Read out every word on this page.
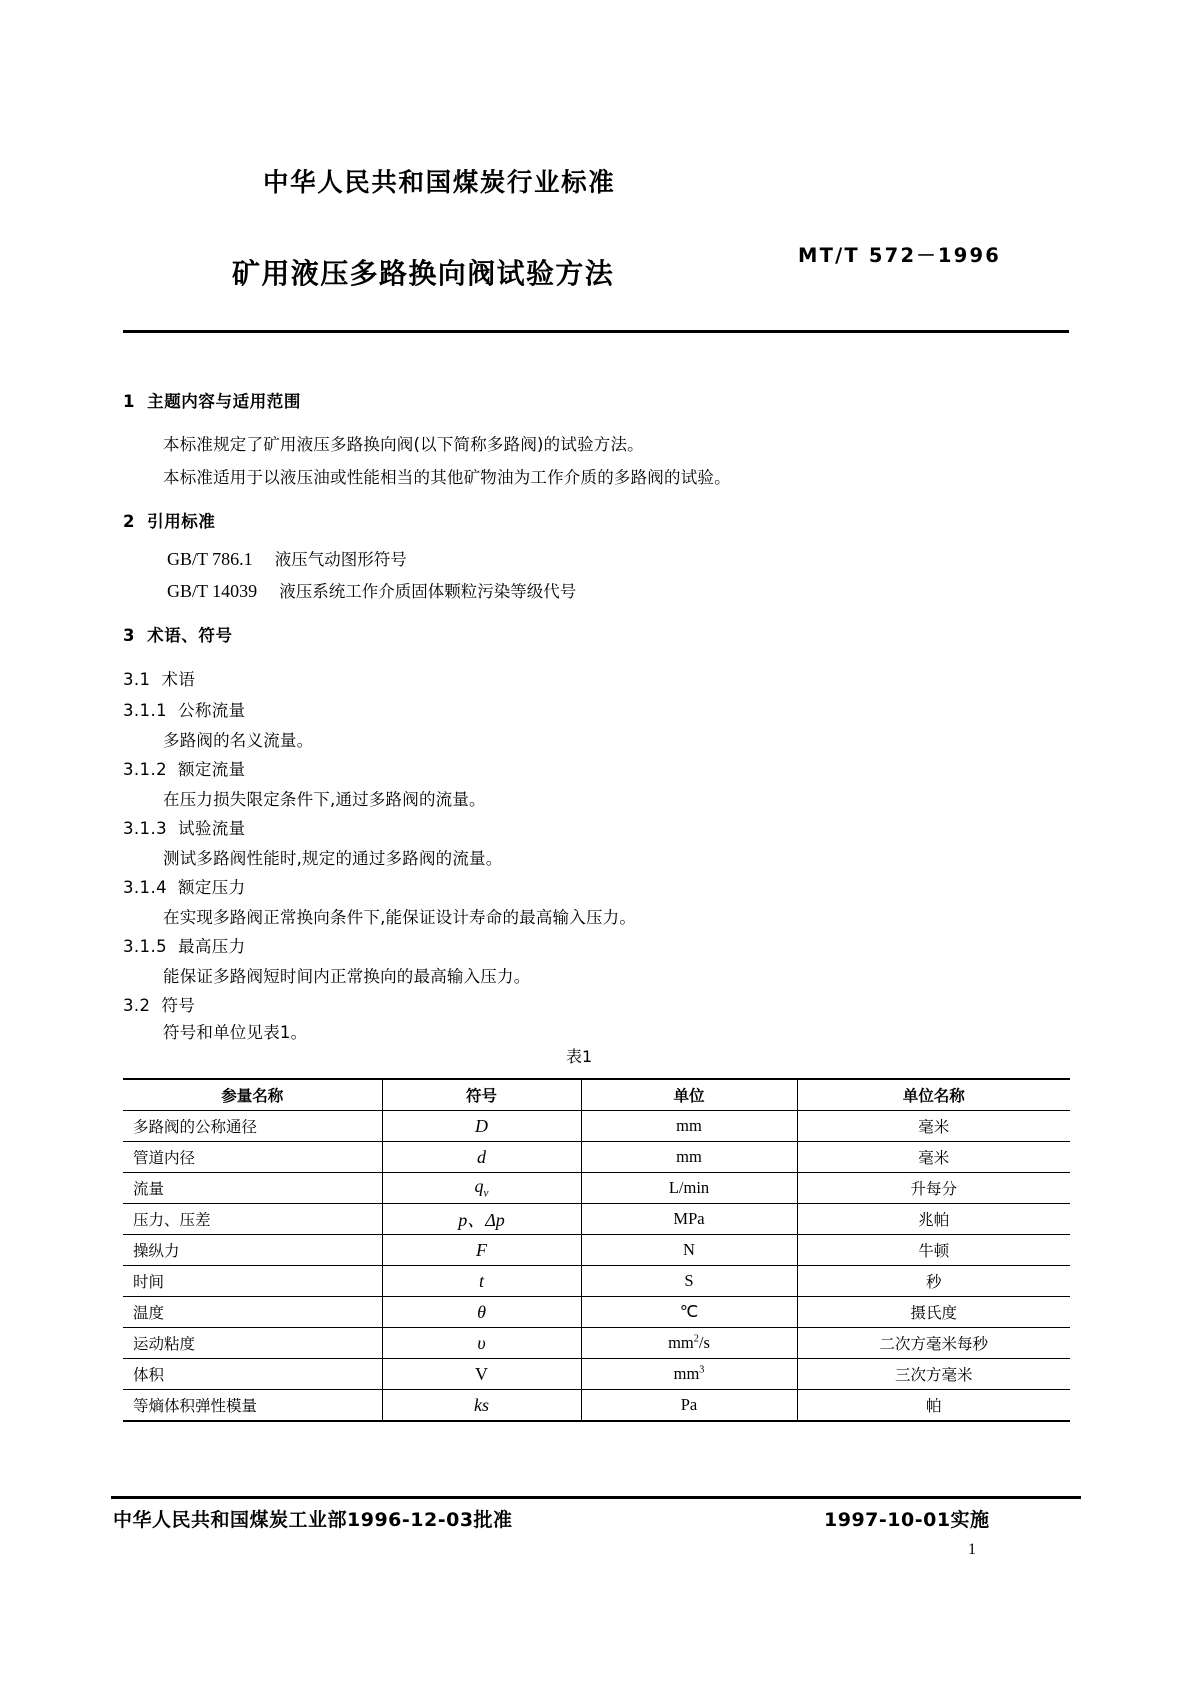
中华人民共和国煤炭行业标准
矿用液压多路换向阀试验方法
MT/T 572－1996
1 主题内容与适用范围
本标准规定了矿用液压多路换向阀(以下简称多路阀)的试验方法。
本标准适用于以液压油或性能相当的其他矿物油为工作介质的多路阀的试验。
2 引用标准
GB/T 786.1 液压气动图形符号
GB/T 14039 液压系统工作介质固体颗粒污染等级代号
3 术语、符号
3.1 术语
3.1.1 公称流量
多路阀的名义流量。
3.1.2 额定流量
在压力损失限定条件下,通过多路阀的流量。
3.1.3 试验流量
测试多路阀性能时,规定的通过多路阀的流量。
3.1.4 额定压力
在实现多路阀正常换向条件下,能保证设计寿命的最高输入压力。
3.1.5 最高压力
能保证多路阀短时间内正常换向的最高输入压力。
3.2 符号
符号和单位见表1。
表1
参量名称	符号	单位	单位名称
多路阀的公称通径	D	mm	毫米
管道内径	d	mm	毫米
流量	$q_v$	L/min	升每分
压力、压差	p、Δp	MPa	兆帕
操纵力	F	N	牛顿
时间	t	S	秒
温度	θ	℃	摄氏度
运动粘度	υ	$mm^2/s$	二次方毫米每秒
体积	V	$mm^3$	三次方毫米
等熵体积弹性模量	ks	Pa	帕
中华人民共和国煤炭工业部1996-12-03批准	1997-10-01实施
1
